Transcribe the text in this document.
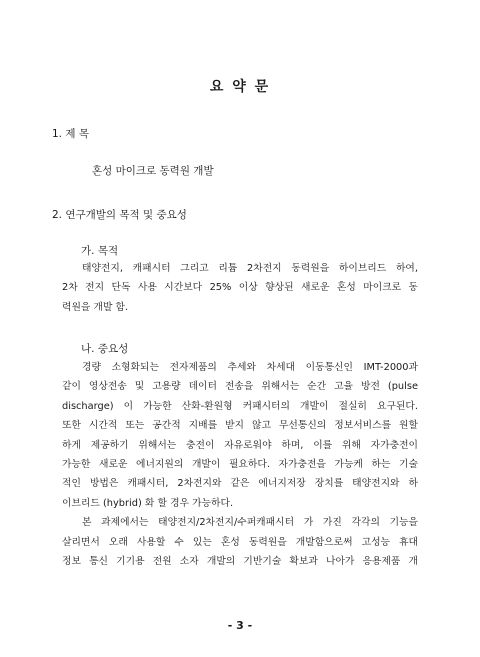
요 약 문
1. 제 목
혼성 마이크로 동력원 개발
2. 연구개발의 목적 및 중요성
가. 목적
태양전지, 캐패시터 그리고 리튬 2차전지 동력원을 하이브리드 하여,
2차 전지 단독 사용 시간보다 25% 이상 향상된 새로운 혼성 마이크로 동
력원을 개발 함.
나. 중요성
경량 소형화되는 전자제품의 추세와 차세대 이동통신인 IMT-2000과
같이 영상전송 및 고용량 데이터 전송을 위해서는 순간 고율 방전 (pulse
discharge) 이 가능한 산화-환원형 커패시터의 개발이 절실히 요구된다.
또한 시간적 또는 공간적 지배를 받지 않고 무선통신의 정보서비스를 원할
하게 제공하기 위해서는 충전이 자유로워야 하며, 이를 위해 자가충전이
가능한 새로운 에너지원의 개발이 필요하다. 자가충전을 가능케 하는 기술
적인 방법은 캐패시터, 2차전지와 같은 에너지저장 장치를 태양전지와 하
이브리드 (hybrid) 화 할 경우 가능하다.
본 과제에서는 태양전지/2차전지/수퍼캐패시터 가 가진 각각의 기능을
살리면서 오래 사용할 수 있는 혼성 동력원을 개발함으로써 고성능 휴대
정보 통신 기기용 전원 소자 개발의 기반기술 확보과 나아가 응용제품 개
- 3 -
